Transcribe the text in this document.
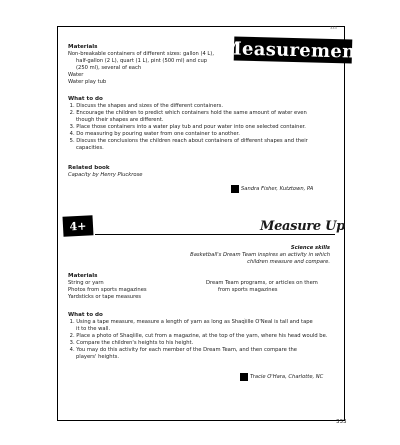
333
Measurement
Materials
Non-breakable containers of different sizes: gallon (4 L),
half-gallon (2 L), quart (1 L), pint (500 ml) and cup
(250 ml), several of each
Water
Water play tub
What to do
1. Discuss the shapes and sizes of the different containers.
2. Encourage the children to predict which containers hold the same amount of water even
though their shapes are different.
3. Place those containers into a water play tub and pour water into one selected container.
4. Do measuring by pouring water from one container to another.
5. Discuss the conclusions the children reach about containers of different shapes and their
capacities.
Related book
Capacity by Henry Pluckrose
Sandra Fisher, Kutztown, PA
4+	Measure Up
Science skills
Basketball's Dream Team inspires an activity in which
children measure and compare.
Materials
String or yarn
Photos from sports magazines
Yardsticks or tape measures
Dream Team programs, or articles on them
from sports magazines
What to do
1. Using a tape measure, measure a length of yarn as long as Shaqìille O'Neal is tall and tape
it to the wall.
2. Place a photo of Shaqìille, cut from a magazine, at the top of the yarn, where his head would be.
3. Compare the children's heights to his height.
4. You may do this activity for each member of the Dream Team, and then compare the
players' heights.
Tracie O'Hara, Charlotte, NC
333
